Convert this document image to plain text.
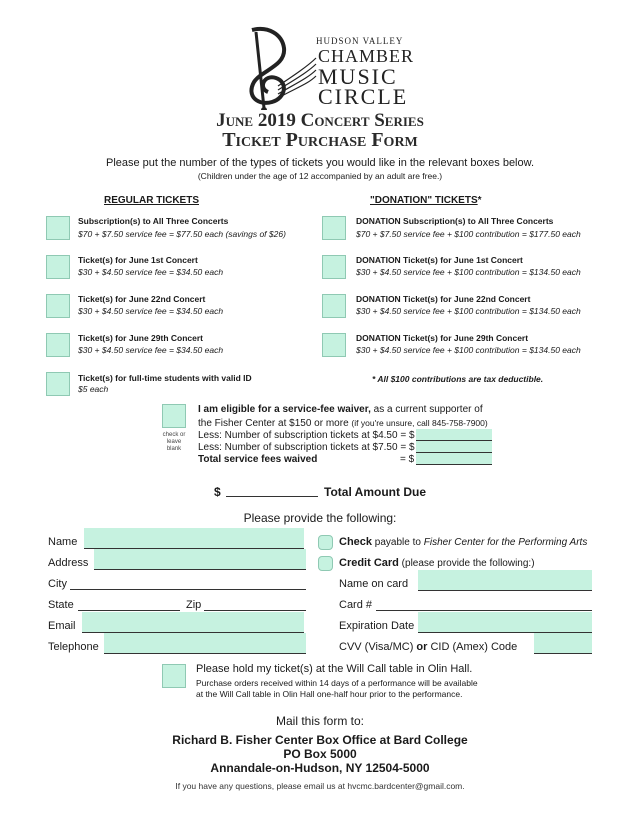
HUDSON VALLEY
CHAMBER
MUSIC
CIRCLE
June 2019 Concert Series
Ticket Purchase Form
Please put the number of the types of tickets you would like in the relevant boxes below.
(Children under the age of 12 accompanied by an adult are free.)
REGULAR TICKETS
Subscription(s) to All Three Concerts
$70 + $7.50 service fee = $77.50 each (savings of $26)
Ticket(s) for June 1st Concert
$30 + $4.50 service fee = $34.50 each
Ticket(s) for June 22nd Concert
$30 + $4.50 service fee = $34.50 each
Ticket(s) for June 29th Concert
$30 + $4.50 service fee = $34.50 each
Ticket(s) for full-time students with valid ID
$5 each
"DONATION" TICKETS*
DONATION Subscription(s) to All Three Concerts
$70 + $7.50 service fee + $100 contribution = $177.50 each
DONATION Ticket(s) for June 1st Concert
$30 + $4.50 service fee + $100 contribution = $134.50 each
DONATION Ticket(s) for June 22nd Concert
$30 + $4.50 service fee + $100 contribution = $134.50 each
DONATION Ticket(s) for June 29th Concert
$30 + $4.50 service fee + $100 contribution = $134.50 each
* All $100 contributions are tax deductible.
check or leave blank
I am eligible for a service-fee waiver, as a current supporter of
the Fisher Center at $150 or more (if you're unsure, call 845-758-7900)
Less: Number of subscription tickets at $4.50 = $
Less: Number of subscription tickets at $7.50 = $
Total service fees waived	= $
$	Total Amount Due
Please provide the following:
Name
Address
City
State	Zip
Email
Telephone
Check payable to Fisher Center for the Performing Arts
Credit Card (please provide the following:)
Name on card
Card #
Expiration Date
CVV (Visa/MC) or CID (Amex) Code
Please hold my ticket(s) at the Will Call table in Olin Hall.
Purchase orders received within 14 days of a performance will be available
at the Will Call table in Olin Hall one-half hour prior to the performance.
Mail this form to:
Richard B. Fisher Center Box Office at Bard College
PO Box 5000
Annandale-on-Hudson, NY 12504-5000
If you have any questions, please email us at hvcmc.bardcenter@gmail.com.
